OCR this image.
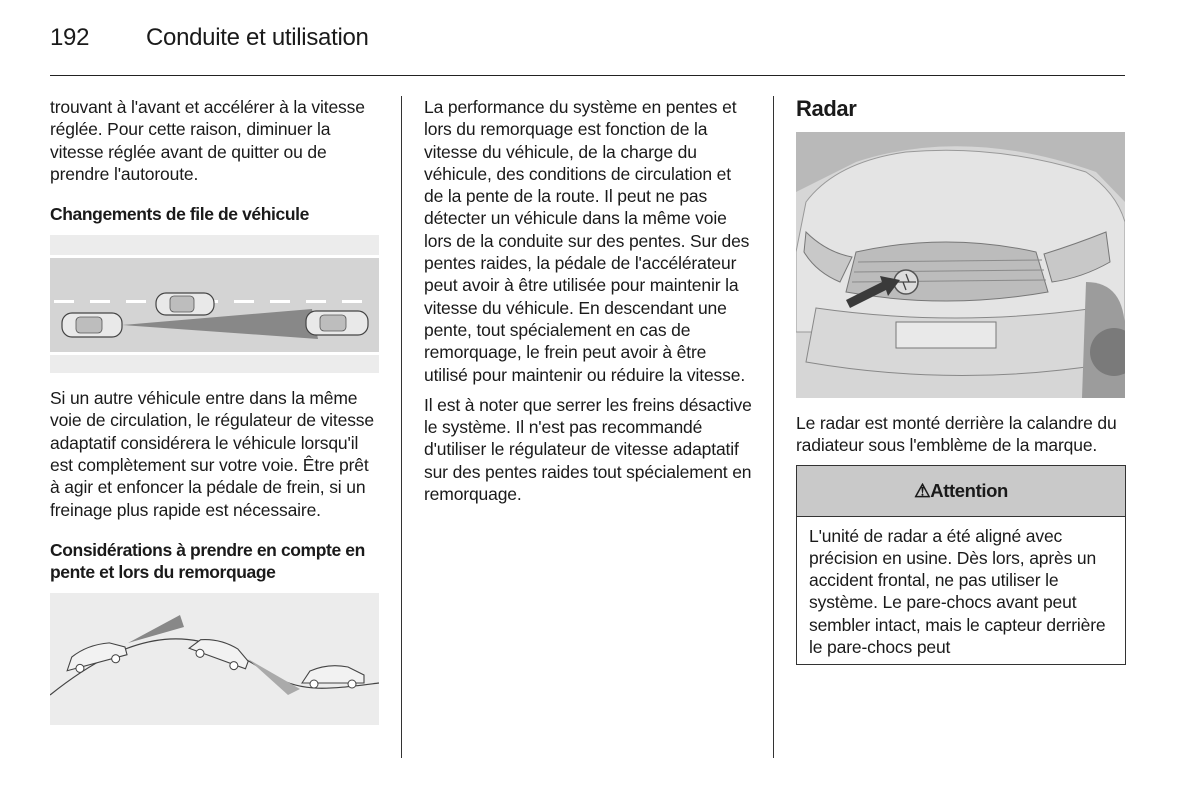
192 Conduite et utilisation

trouvant à l'avant et accélérer à la vitesse réglée. Pour cette raison, diminuer la vitesse réglée avant de quitter ou de prendre l'autoroute.

Changements de file de véhicule

Si un autre véhicule entre dans la même voie de circulation, le régulateur de vitesse adaptatif considérera le véhicule lorsqu'il est complètement sur votre voie. Être prêt à agir et enfoncer la pédale de frein, si un freinage plus rapide est nécessaire.

Considérations à prendre en compte en pente et lors du remorquage

La performance du système en pentes et lors du remorquage est fonction de la vitesse du véhicule, de la charge du véhicule, des conditions de circulation et de la pente de la route. Il peut ne pas détecter un véhicule dans la même voie lors de la conduite sur des pentes. Sur des pentes raides, la pédale de l'accélérateur peut avoir à être utilisée pour maintenir la vitesse du véhicule. En descendant une pente, tout spécialement en cas de remorquage, le frein peut avoir à être utilisé pour maintenir ou réduire la vitesse.

Il est à noter que serrer les freins désactive le système. Il n'est pas recommandé d'utiliser le régulateur de vitesse adaptatif sur des pentes raides tout spécialement en remorquage.

Radar

Le radar est monté derrière la calandre du radiateur sous l'emblème de la marque.

⚠Attention

L'unité de radar a été aligné avec précision en usine. Dès lors, après un accident frontal, ne pas utiliser le système. Le pare-chocs avant peut sembler intact, mais le capteur derrière le pare-chocs peut
